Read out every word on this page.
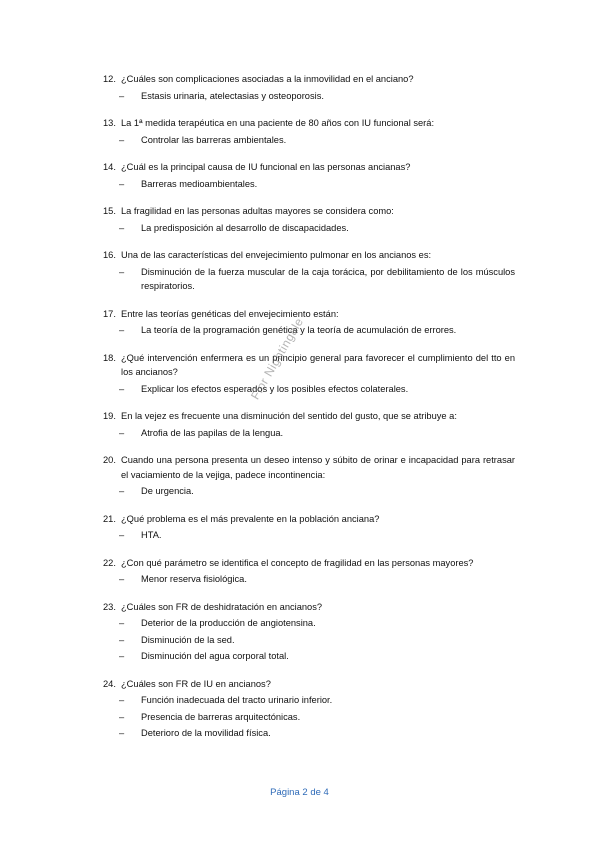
12. ¿Cuáles son complicaciones asociadas a la inmovilidad en el anciano?
–	Estasis urinaria, atelectasias y osteoporosis.
13. La 1ª medida terapéutica en una paciente de 80 años con IU funcional será:
–	Controlar las barreras ambientales.
14. ¿Cuál es la principal causa de IU funcional en las personas ancianas?
–	Barreras medioambientales.
15. La fragilidad en las personas adultas mayores se considera como:
–	La predisposición al desarrollo de discapacidades.
16. Una de las características del envejecimiento pulmonar en los ancianos es:
–	Disminución de la fuerza muscular de la caja torácica, por debilitamiento de los músculos respiratorios.
17. Entre las teorías genéticas del envejecimiento están:
–	La teoría de la programación genética y la teoría de acumulación de errores.
18. ¿Qué intervención enfermera es un principio general para favorecer el cumplimiento del tto en los ancianos?
–	Explicar los efectos esperados y los posibles efectos colaterales.
19. En la vejez es frecuente una disminución del sentido del gusto, que se atribuye a:
–	Atrofia de las papilas de la lengua.
20. Cuando una persona presenta un deseo intenso y súbito de orinar e incapacidad para retrasar el vaciamiento de la vejiga, padece incontinencia:
–	De urgencia.
21. ¿Qué problema es el más prevalente en la población anciana?
–	HTA.
22. ¿Con qué parámetro se identifica el concepto de fragilidad en las personas mayores?
–	Menor reserva fisiológica.
23. ¿Cuáles son FR de deshidratación en ancianos?
–	Deterior de la producción de angiotensina.
–	Disminución de la sed.
–	Disminución del agua corporal total.
24. ¿Cuáles son FR de IU en ancianos?
–	Función inadecuada del tracto urinario inferior.
–	Presencia de barreras arquitectónicas.
–	Deterioro de la movilidad física.
Flor Nightingale
Página 2 de 4
